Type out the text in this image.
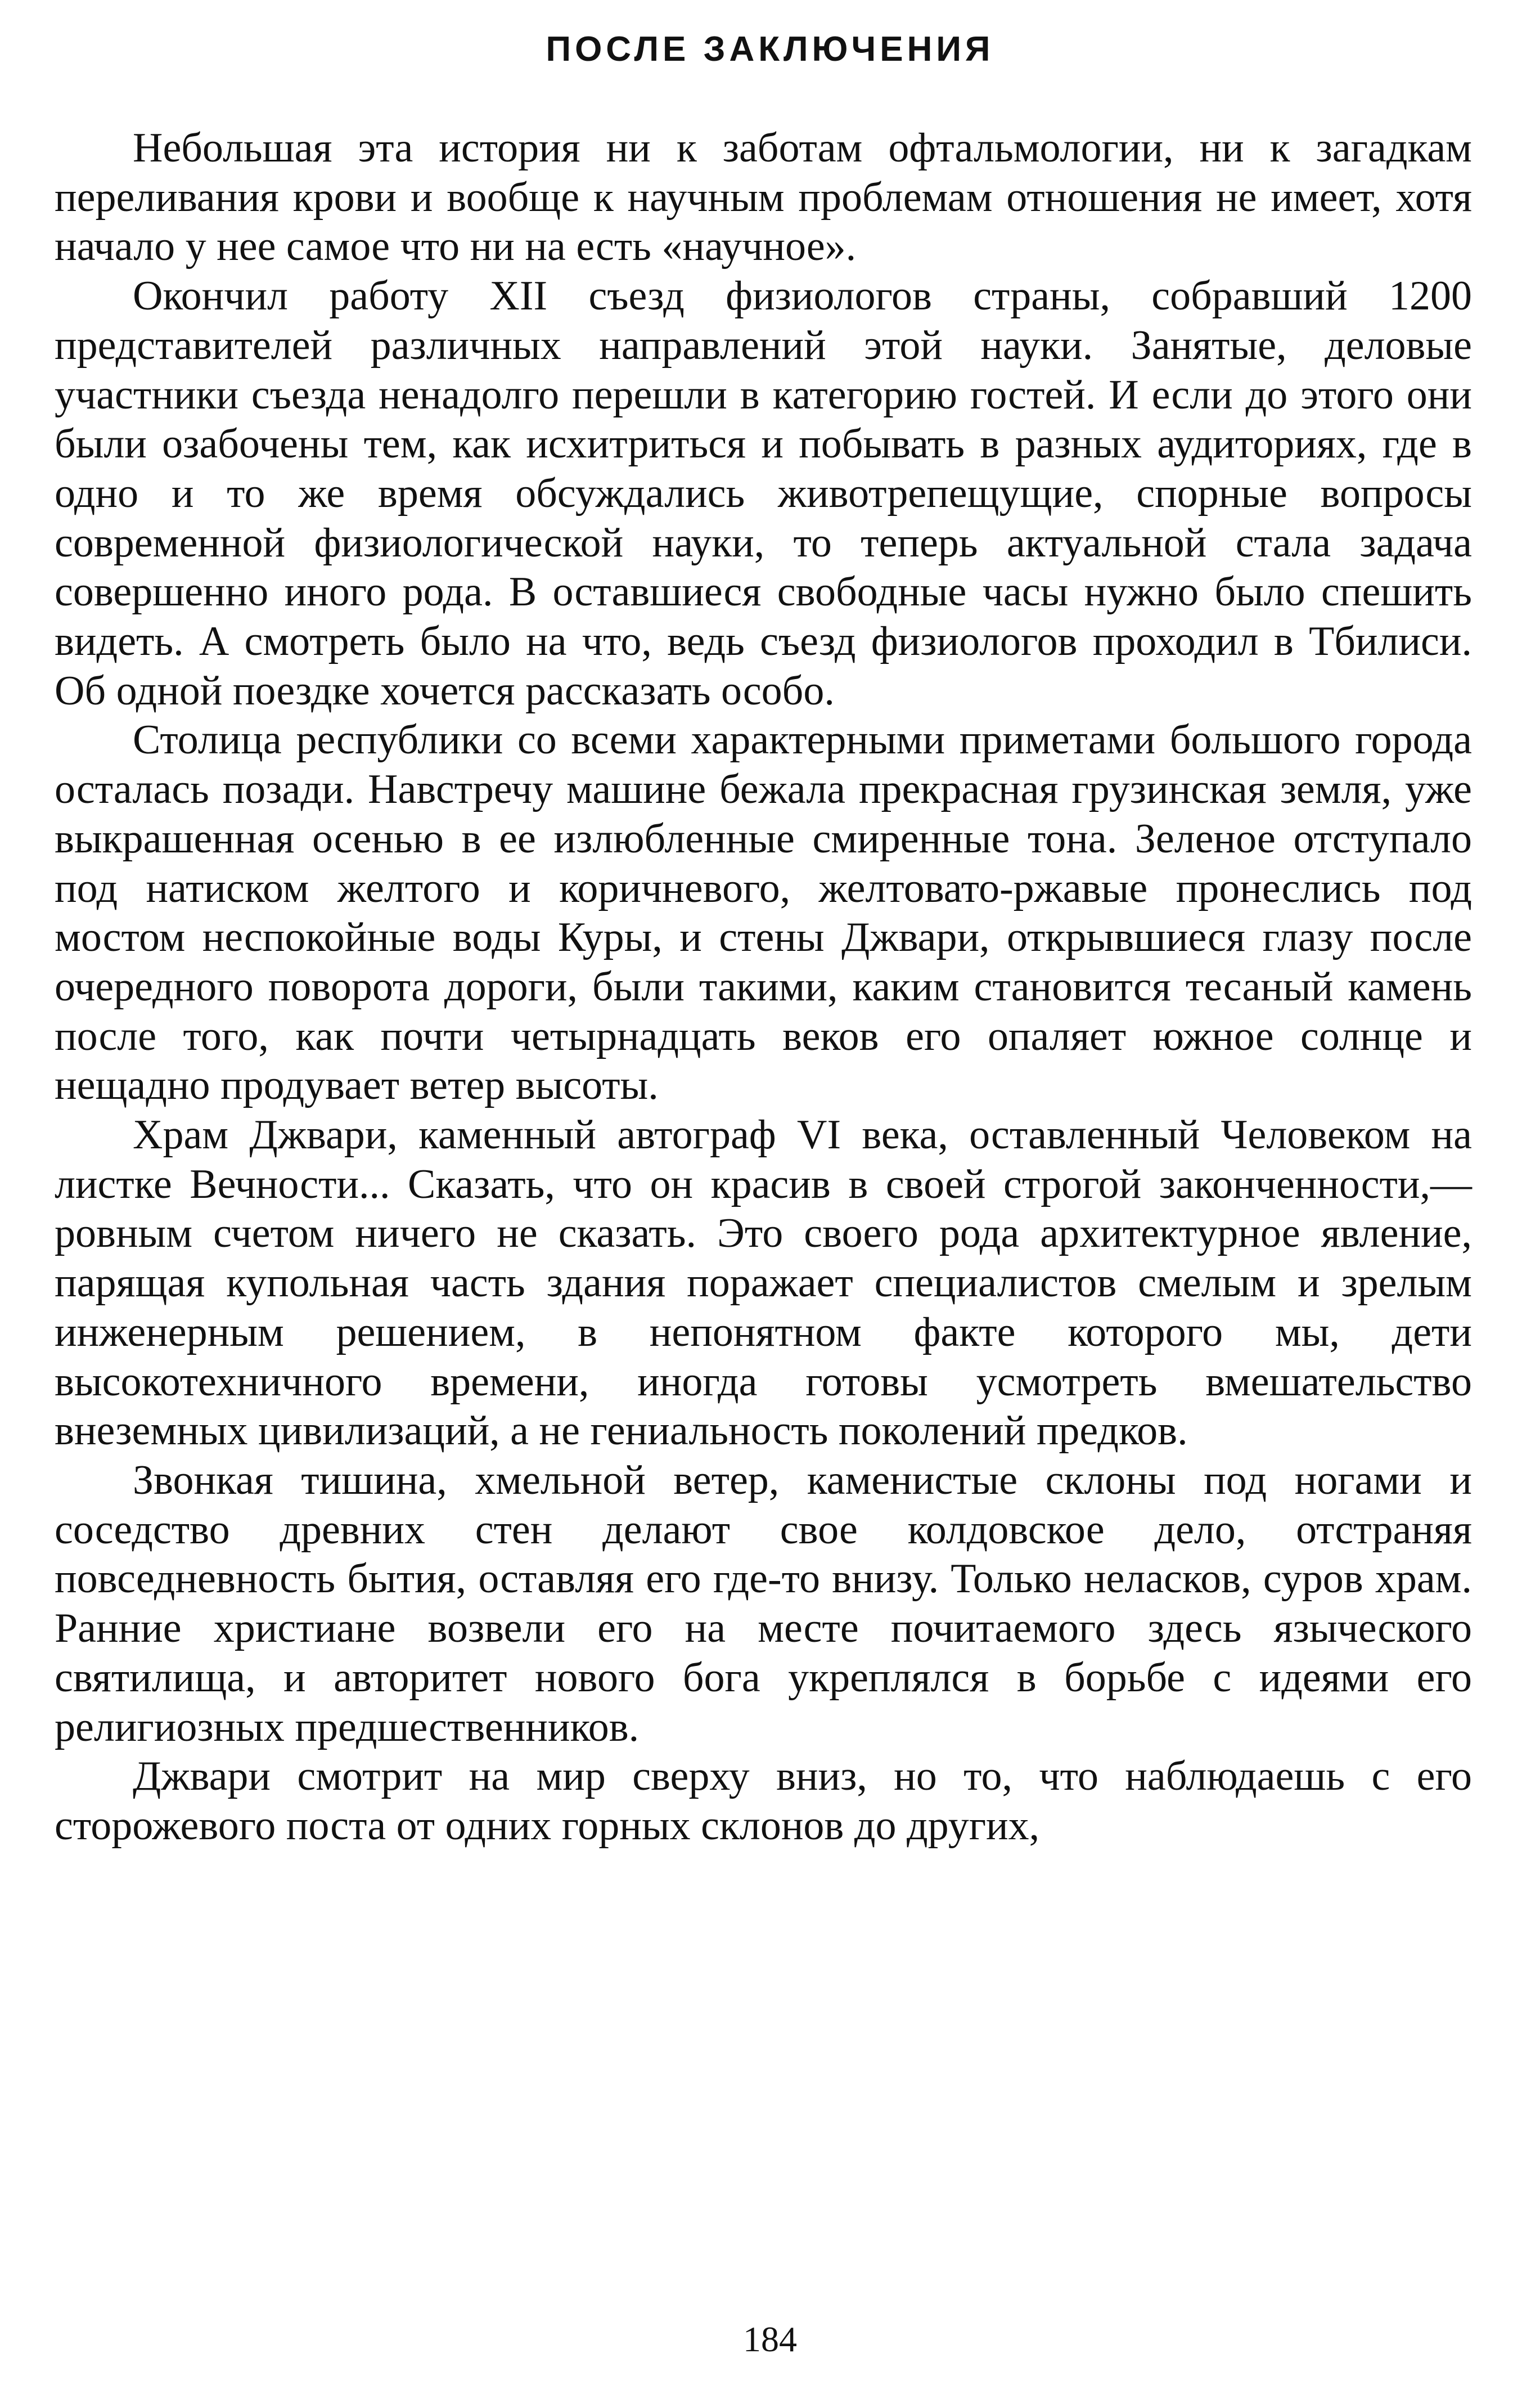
ПОСЛЕ ЗАКЛЮЧЕНИЯ

Небольшая эта история ни к заботам офтальмологии, ни к загадкам переливания крови и вообще к научным проблемам отношения не имеет, хотя начало у нее самое что ни на есть «научное».

Окончил работу XII съезд физиологов страны, собравший 1200 представителей различных направлений этой науки. Занятые, деловые участники съезда ненадолго перешли в категорию гостей. И если до этого они были озабочены тем, как исхитриться и побывать в разных аудиториях, где в одно и то же время обсуждались животрепещущие, спорные вопросы современной физиологической науки, то теперь актуальной стала задача совершенно иного рода. В оставшиеся свободные часы нужно было спешить видеть. А смотреть было на что, ведь съезд физиологов проходил в Тбилиси. Об одной поездке хочется рассказать особо.

Столица республики со всеми характерными приметами большого города осталась позади. Навстречу машине бежала прекрасная грузинская земля, уже выкрашенная осенью в ее излюбленные смиренные тона. Зеленое отступало под натиском желтого и коричневого, желтовато-ржавые пронеслись под мостом неспокойные воды Куры, и стены Джвари, открывшиеся глазу после очередного поворота дороги, были такими, каким становится тесаный камень после того, как почти четырнадцать веков его опаляет южное солнце и нещадно продувает ветер высоты.

Храм Джвари, каменный автограф VI века, оставленный Человеком на листке Вечности... Сказать, что он красив в своей строгой законченности,— ровным счетом ничего не сказать. Это своего рода архитектурное явление, парящая купольная часть здания поражает специалистов смелым и зрелым инженерным решением, в непонятном факте которого мы, дети высокотехничного времени, иногда готовы усмотреть вмешательство внеземных цивилизаций, а не гениальность поколений предков.

Звонкая тишина, хмельной ветер, каменистые склоны под ногами и соседство древних стен делают свое колдовское дело, отстраняя повседневность бытия, оставляя его где-то внизу. Только неласков, суров храм. Ранние христиане возвели его на месте почитаемого здесь языческого святилища, и авторитет нового бога укреплялся в борьбе с идеями его религиозных предшественников.

Джвари смотрит на мир сверху вниз, но то, что наблюдаешь с его сторожевого поста от одних горных склонов до других,

184
